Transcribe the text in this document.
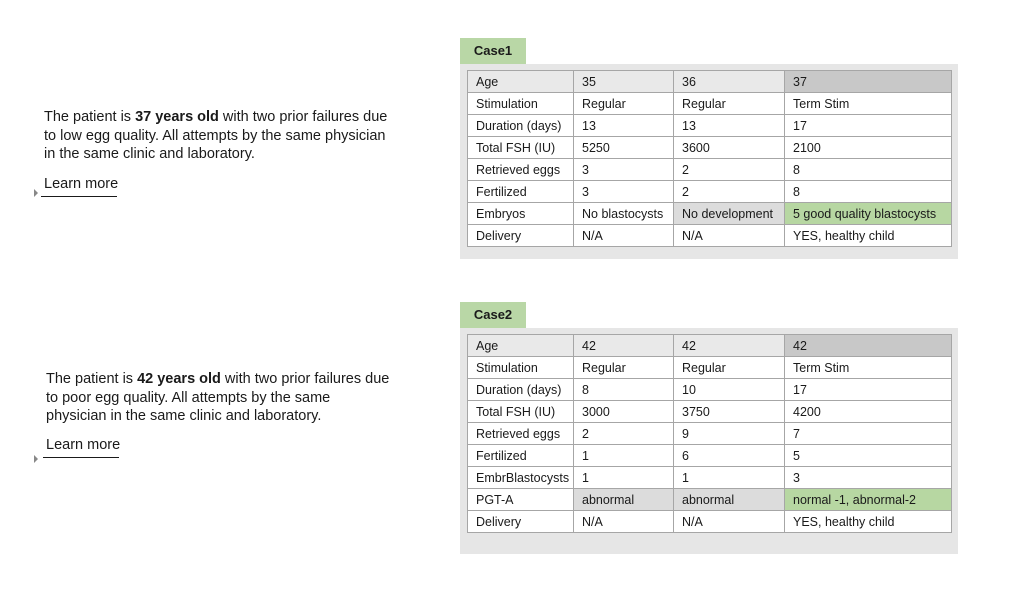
The patient is 37 years old with two prior failures due to low egg quality. All attempts by the same physician in the same clinic and laboratory.
Learn more
Case1
Age	35	36	37
Stimulation	Regular	Regular	Term Stim
Duration (days)	13	13	17
Total FSH (IU)	5250	3600	2100
Retrieved eggs	3	2	8
Fertilized	3	2	8
Embryos	No blastocysts	No development	5 good quality blastocysts
Delivery	N/A	N/A	YES, healthy child
The patient is 42 years old with two prior failures due to poor egg quality. All attempts by the same physician in the same clinic and laboratory.
Learn more
Case2
Age	42	42	42
Stimulation	Regular	Regular	Term Stim
Duration (days)	8	10	17
Total FSH (IU)	3000	3750	4200
Retrieved eggs	2	9	7
Fertilized	1	6	5
EmbrBlastocysts	1	1	3
PGT-A	abnormal	abnormal	normal -1, abnormal-2
Delivery	N/A	N/A	YES, healthy child
